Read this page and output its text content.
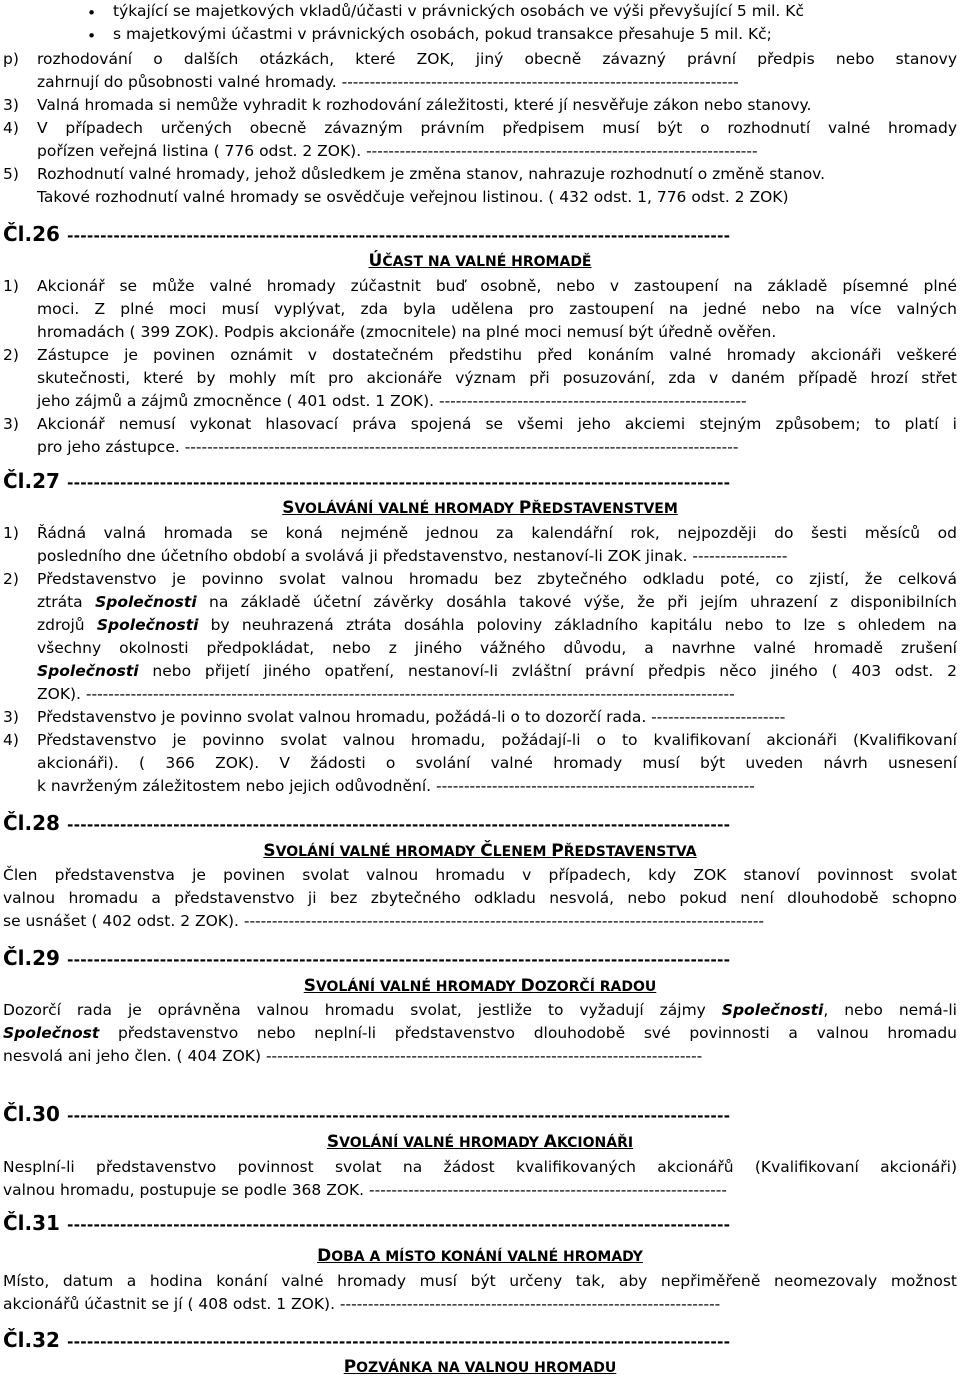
• týkající se majetkových vkladů/účasti v právnických osobách ve výši převyšující 5 mil. Kč
• s majetkovými účastmi v právnických osobách, pokud transakce přesahuje 5 mil. Kč;
p) rozhodování o dalších otázkách, které ZOK, jiný obecně závazný právní předpis nebo stanovy
zahrnují do působnosti valné hromady. -----------------------------------------------------------------------
3) Valná hromada si nemůže vyhradit k rozhodování záležitosti, které jí nesvěřuje zákon nebo stanovy.
4) V případech určených obecně závazným právním předpisem musí být o rozhodnutí valné hromady
pořízen veřejná listina ( 776 odst. 2 ZOK). ----------------------------------------------------------------------
5) Rozhodnutí valné hromady, jehož důsledkem je změna stanov, nahrazuje rozhodnutí o změně stanov.
Takové rozhodnutí valné hromady se osvědčuje veřejnou listinou. ( 432 odst. 1, 776 odst. 2 ZOK)
Čl.26 ----------------------------------------------------------------------------------------------------
ÚČAST NA VALNÉ HROMADĚ
1) Akcionář se může valné hromady zúčastnit buď osobně, nebo v zastoupení na základě písemné plné
moci. Z plné moci musí vyplývat, zda byla udělena pro zastoupení na jedné nebo na více valných
hromadách ( 399 ZOK). Podpis akcionáře (zmocnitele) na plné moci nemusí být úředně ověřen.
2) Zástupce je povinen oznámit v dostatečném předstihu před konáním valné hromady akcionáři veškeré
skutečnosti, které by mohly mít pro akcionáře význam při posuzování, zda v daném případě hrozí střet
jeho zájmů a zájmů zmocněnce ( 401 odst. 1 ZOK). -------------------------------------------------------
3) Akcionář nemusí vykonat hlasovací práva spojená se všemi jeho akciemi stejným způsobem; to platí i
pro jeho zástupce. ---------------------------------------------------------------------------------------------------
Čl.27 ----------------------------------------------------------------------------------------------------
SVOLÁVÁNÍ VALNÉ HROMADY PŘEDSTAVENSTVEM
1) Řádná valná hromada se koná nejméně jednou za kalendářní rok, nejpozději do šesti měsíců od
posledního dne účetního období a svolává ji představenstvo, nestanoví-li ZOK jinak. -----------------
2) Představenstvo je povinno svolat valnou hromadu bez zbytečného odkladu poté, co zjistí, že celková
ztráta Společnosti na základě účetní závěrky dosáhla takové výše, že při jejím uhrazení z disponibilních
zdrojů Společnosti by neuhrazená ztráta dosáhla poloviny základního kapitálu nebo to lze s ohledem na
všechny okolnosti předpokládat, nebo z jiného vážného důvodu, a navrhne valné hromadě zrušení
Společnosti nebo přijetí jiného opatření, nestanoví-li zvláštní právní předpis něco jiného ( 403 odst. 2
ZOK). --------------------------------------------------------------------------------------------------------------------
3) Představenstvo je povinno svolat valnou hromadu, požádá-li o to dozorčí rada. ------------------------
4) Představenstvo je povinno svolat valnou hromadu, požádají-li o to kvalifikovaní akcionáři (Kvalifikovaní
akcionáři). ( 366 ZOK). V žádosti o svolání valné hromady musí být uveden návrh usnesení
k navrženým záležitostem nebo jejich odůvodnění. ---------------------------------------------------------
Čl.28 ----------------------------------------------------------------------------------------------------
SVOLÁNÍ VALNÉ HROMADY ČLENEM PŘEDSTAVENSTVA
Člen představenstva je povinen svolat valnou hromadu v případech, kdy ZOK stanoví povinnost svolat
valnou hromadu a představenstvo ji bez zbytečného odkladu nesvolá, nebo pokud není dlouhodobě schopno
se usnášet ( 402 odst. 2 ZOK). ---------------------------------------------------------------------------------------------
Čl.29 ----------------------------------------------------------------------------------------------------
SVOLÁNÍ VALNÉ HROMADY DOZORČÍ RADOU
Dozorčí rada je oprávněna valnou hromadu svolat, jestliže to vyžadují zájmy Společnosti, nebo nemá-li
Společnost představenstvo nebo neplní-li představenstvo dlouhodobě své povinnosti a valnou hromadu
nesvolá ani jeho člen. ( 404 ZOK) ------------------------------------------------------------------------------
Čl.30 ----------------------------------------------------------------------------------------------------
SVOLÁNÍ VALNÉ HROMADY AKCIONÁŘI
Nesplní-li představenstvo povinnost svolat na žádost kvalifikovaných akcionářů (Kvalifikovaní akcionáři)
valnou hromadu, postupuje se podle 368 ZOK. ----------------------------------------------------------------
Čl.31 ----------------------------------------------------------------------------------------------------
DOBA A MÍSTO KONÁNÍ VALNÉ HROMADY
Místo, datum a hodina konání valné hromady musí být určeny tak, aby nepřiměřeně neomezovaly možnost
akcionářů účastnit se jí ( 408 odst. 1 ZOK). --------------------------------------------------------------------
Čl.32 ----------------------------------------------------------------------------------------------------
POZVÁNKA NA VALNOU HROMADU
